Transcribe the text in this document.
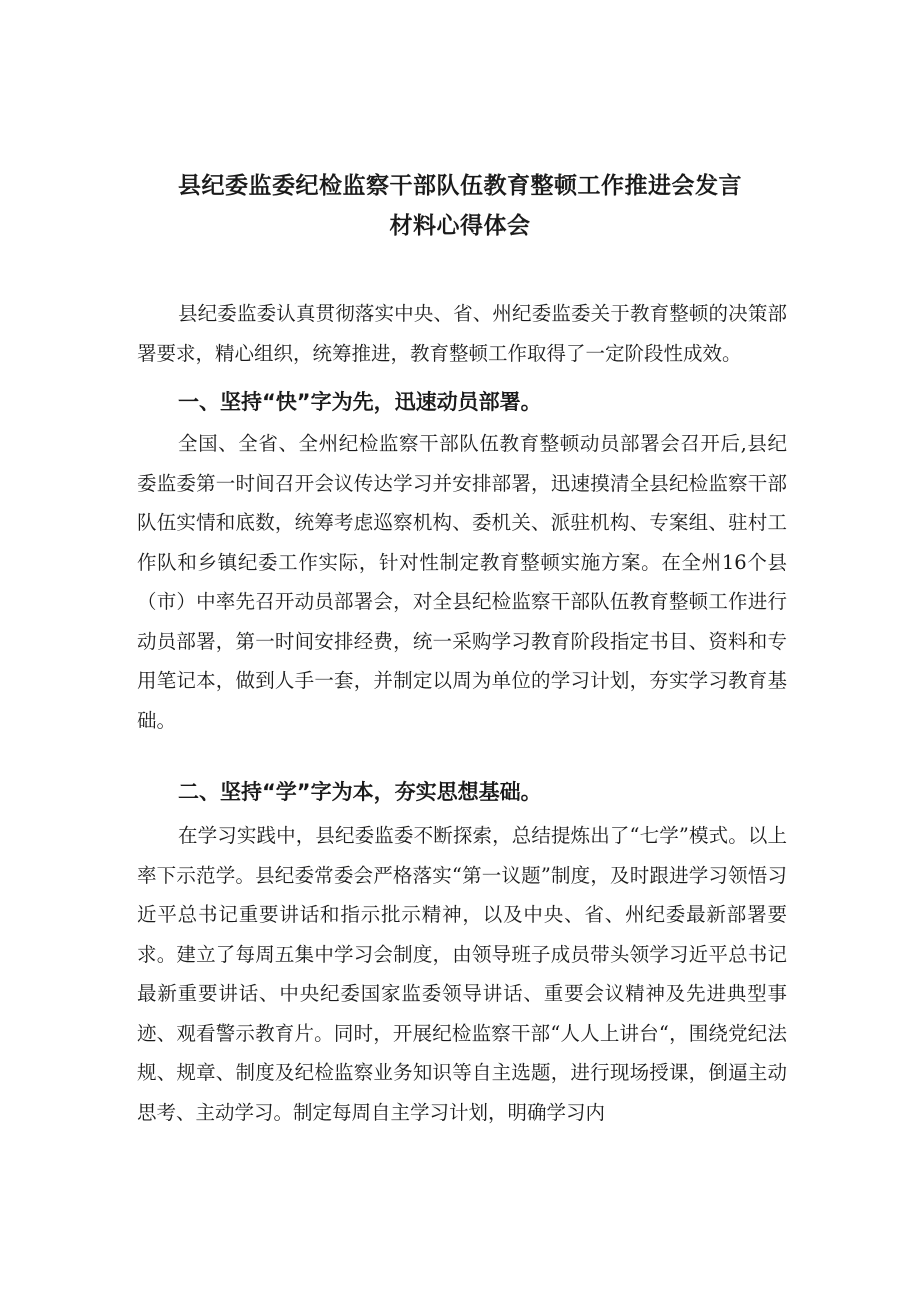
县纪委监委纪检监察干部队伍教育整顿工作推进会发言
材料心得体会

县纪委监委认真贯彻落实中央、省、州纪委监委关于教育整顿的决策部署要求，精心组织，统筹推进，教育整顿工作取得了一定阶段性成效。

一、坚持“快”字为先，迅速动员部署。

全国、全省、全州纪检监察干部队伍教育整顿动员部署会召开后,县纪委监委第一时间召开会议传达学习并安排部署，迅速摸清全县纪检监察干部队伍实情和底数，统筹考虑巡察机构、委机关、派驻机构、专案组、驻村工作队和乡镇纪委工作实际，针对性制定教育整顿实施方案。在全州16个县（市）中率先召开动员部署会，对全县纪检监察干部队伍教育整顿工作进行动员部署，第一时间安排经费，统一采购学习教育阶段指定书目、资料和专用笔记本，做到人手一套，并制定以周为单位的学习计划，夯实学习教育基础。

二、坚持“学”字为本，夯实思想基础。

在学习实践中，县纪委监委不断探索，总结提炼出了“七学”模式。以上率下示范学。县纪委常委会严格落实“第一议题”制度，及时跟进学习领悟习近平总书记重要讲话和指示批示精神，以及中央、省、州纪委最新部署要求。建立了每周五集中学习会制度，由领导班子成员带头领学习近平总书记最新重要讲话、中央纪委国家监委领导讲话、重要会议精神及先进典型事迹、观看警示教育片。同时，开展纪检监察干部“人人上讲台“，围绕党纪法规、规章、制度及纪检监察业务知识等自主选题，进行现场授课，倒逼主动思考、主动学习。制定每周自主学习计划，明确学习内
